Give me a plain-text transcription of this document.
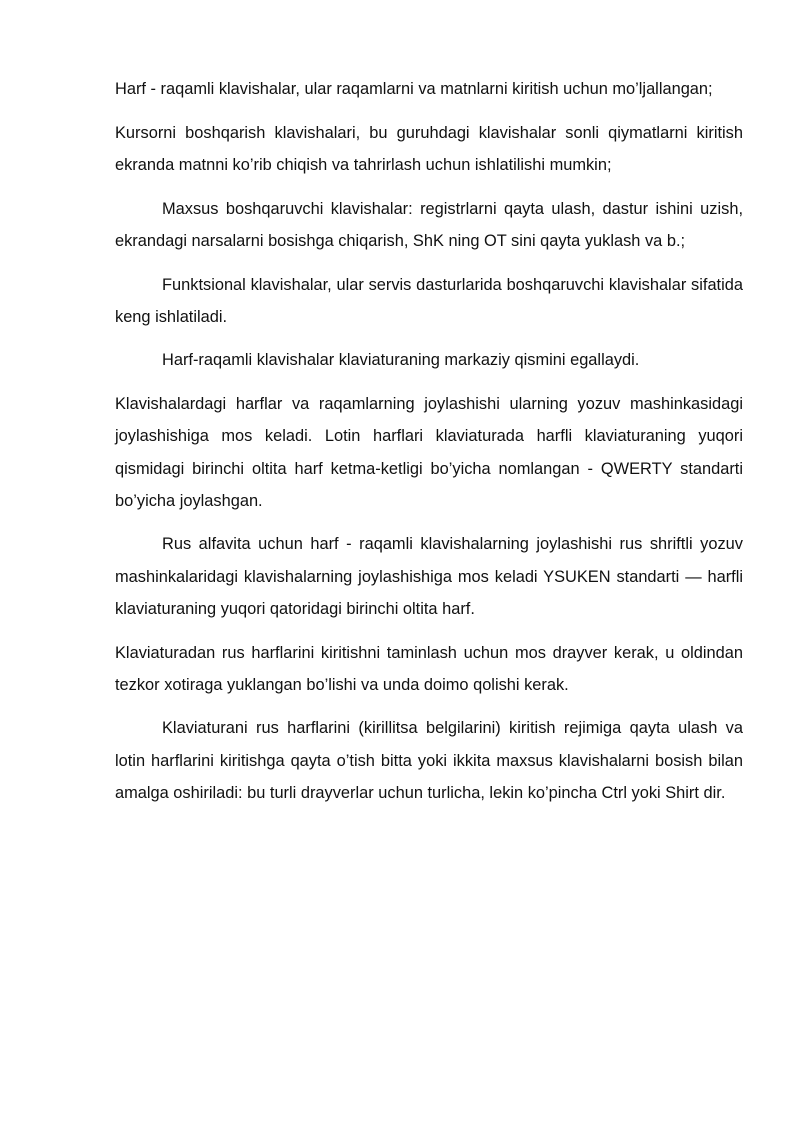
Harf - raqamli klavishalar, ular raqamlarni va matnlarni kiritish uchun mo’ljallangan;

Kursorni boshqarish klavishalari, bu guruhdagi klavishalar sonli qiymatlarni kiritish ekranda matnni ko’rib chiqish va tahrirlash uchun ishlatilishi mumkin;

Maxsus boshqaruvchi klavishalar: registrlarni qayta ulash, dastur ishini uzish, ekrandagi narsalarni bosishga chiqarish, ShK ning OT sini qayta yuklash va b.;

Funktsional klavishalar, ular servis dasturlarida boshqaruvchi klavishalar sifatida keng ishlatiladi.

Harf-raqamli klavishalar klaviaturaning markaziy qismini egallaydi.

Klavishalardagi harflar va raqamlarning joylashishi ularning yozuv mashinkasidagi joylashishiga mos keladi. Lotin harflari klaviaturada harfli klaviaturaning yuqori qismidagi birinchi oltita harf ketma-ketligi bo’yicha nomlangan - QWERTY standarti bo’yicha joylashgan.

Rus alfavita uchun harf - raqamli klavishalarning joylashishi rus shriftli yozuv mashinkalaridagi klavishalarning joylashishiga mos keladi YSUKEN standarti — harfli klaviaturaning yuqori qatoridagi birinchi oltita harf.

Klaviaturadan rus harflarini kiritishni taminlash uchun mos drayver kerak, u oldindan tezkor xotiraga yuklangan bo’lishi va unda doimo qolishi kerak.

Klaviaturani rus harflarini (kirillitsa belgilarini) kiritish rejimiga qayta ulash va lotin harflarini kiritishga qayta o’tish bitta yoki ikkita maxsus klavishalarni bosish bilan amalga oshiriladi: bu turli drayverlar uchun turlicha, lekin ko’pincha Ctrl yoki Shirt dir.
